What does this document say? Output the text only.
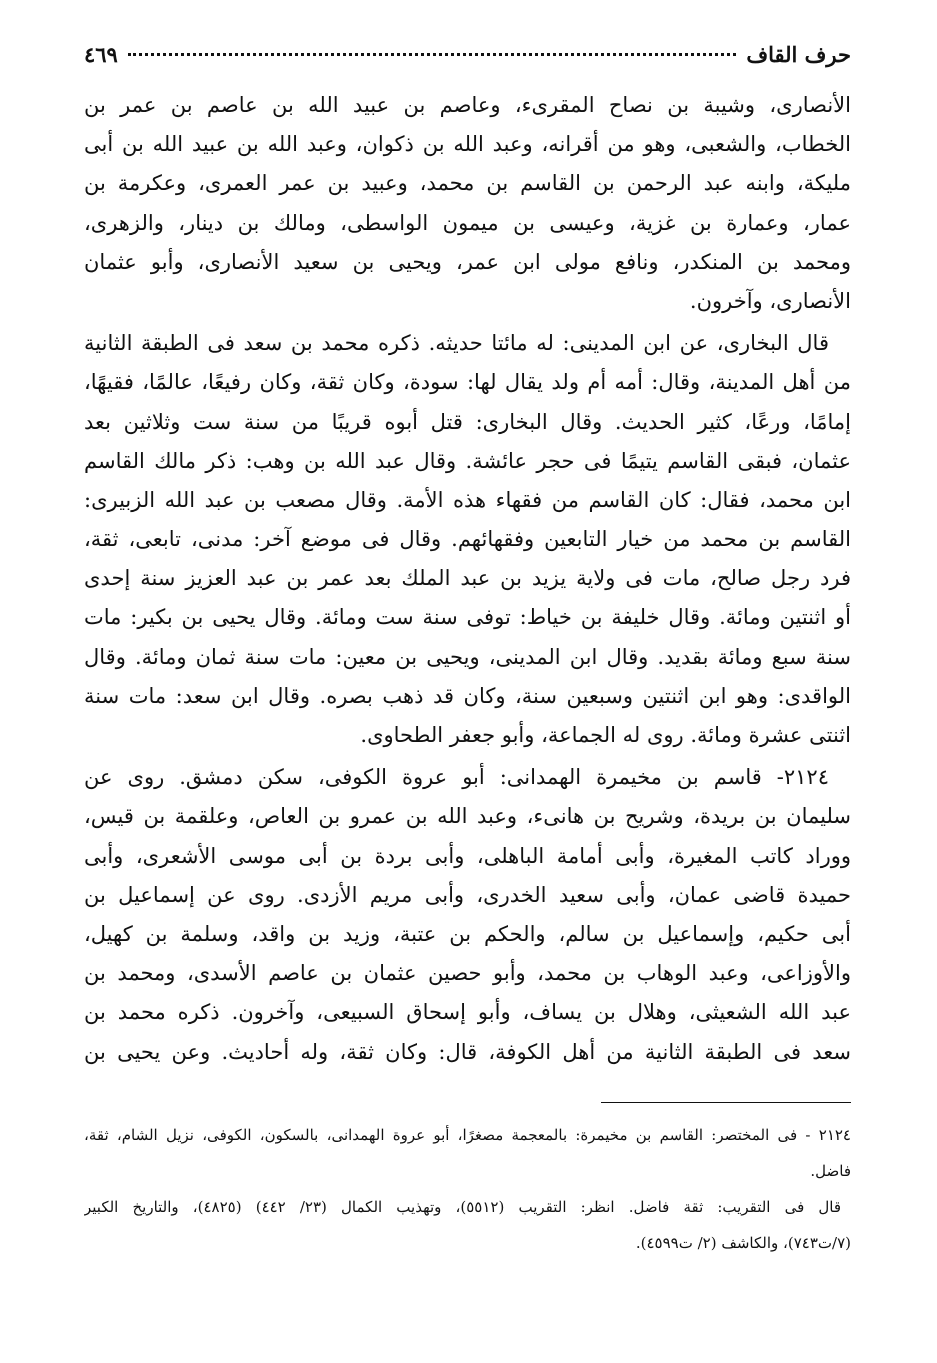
حرف القاف
٤٦٩
الأنصارى، وشيبة بن نصاح المقرىء، وعاصم بن عبيد الله بن عاصم بن عمر بن
الخطاب، والشعبى، وهو من أقرانه، وعبد الله بن ذكوان، وعبد الله بن عبيد الله بن أبى
مليكة، وابنه عبد الرحمن بن القاسم بن محمد، وعبيد بن عمر العمرى، وعكرمة بن
عمار، وعمارة بن غزية، وعيسى بن ميمون الواسطى، ومالك بن دينار، والزهرى،
ومحمد بن المنكدر، ونافع مولى ابن عمر، ويحيى بن سعيد الأنصارى، وأبو عثمان
الأنصارى، وآخرون.
قال البخارى، عن ابن المدينى: له مائتا حديثه. ذكره محمد بن سعد فى الطبقة الثانية
من أهل المدينة، وقال: أمه أم ولد يقال لها: سودة، وكان ثقة، وكان رفيعًا، عالمًا، فقيهًا،
إمامًا، ورعًا، كثير الحديث. وقال البخارى: قتل أبوه قريبًا من سنة ست وثلاثين بعد
عثمان، فبقى القاسم يتيمًا فى حجر عائشة. وقال عبد الله بن وهب: ذكر مالك القاسم
ابن محمد، فقال: كان القاسم من فقهاء هذه الأمة. وقال مصعب بن عبد الله الزبيرى:
القاسم بن محمد من خيار التابعين وفقهائهم. وقال فى موضع آخر: مدنى، تابعى، ثقة،
فرد رجل صالح، مات فى ولاية يزيد بن عبد الملك بعد عمر بن عبد العزيز سنة إحدى
أو اثنتين ومائة. وقال خليفة بن خياط: توفى سنة ست ومائة. وقال يحيى بن بكير: مات
سنة سبع ومائة بقديد. وقال ابن المدينى، ويحيى بن معين: مات سنة ثمان ومائة. وقال
الواقدى: وهو ابن اثنتين وسبعين سنة، وكان قد ذهب بصره. وقال ابن سعد: مات سنة
اثنتى عشرة ومائة. روى له الجماعة، وأبو جعفر الطحاوى.
٢١٢٤- قاسم بن مخيمرة الهمدانى: أبو عروة الكوفى، سكن دمشق. روى عن
سليمان بن بريدة، وشريح بن هانىء، وعبد الله بن عمرو بن العاص، وعلقمة بن قيس،
ووراد كاتب المغيرة، وأبى أمامة الباهلى، وأبى بردة بن أبى موسى الأشعرى، وأبى
حميدة قاضى عمان، وأبى سعيد الخدرى، وأبى مريم الأزدى. روى عن إسماعيل بن
أبى حكيم، وإسماعيل بن سالم، والحكم بن عتبة، وزيد بن واقد، وسلمة بن كهيل،
والأوزاعى، وعبد الوهاب بن محمد، وأبو حصين عثمان بن عاصم الأسدى، ومحمد بن
عبد الله الشعيثى، وهلال بن يساف، وأبو إسحاق السبيعى، وآخرون. ذكره محمد بن
سعد فى الطبقة الثانية من أهل الكوفة، قال: وكان ثقة، وله أحاديث. وعن يحيى بن
٢١٢٤ - فى المختصر: القاسم بن مخيمرة: بالمعجمة مصغرًا، أبو عروة الهمدانى، بالسكون، الكوفى، نزيل الشام، ثقة،
فاضل.
قال فى التقريب: ثقة فاضل. انظر: التقريب (٥٥١٢)، وتهذيب الكمال (٢٣/ ٤٤٢) (٤٨٢٥)، والتاريخ الكبير
(٧/ت٧٤٣)، والكاشف (٢/ ت٤٥٩٩).
